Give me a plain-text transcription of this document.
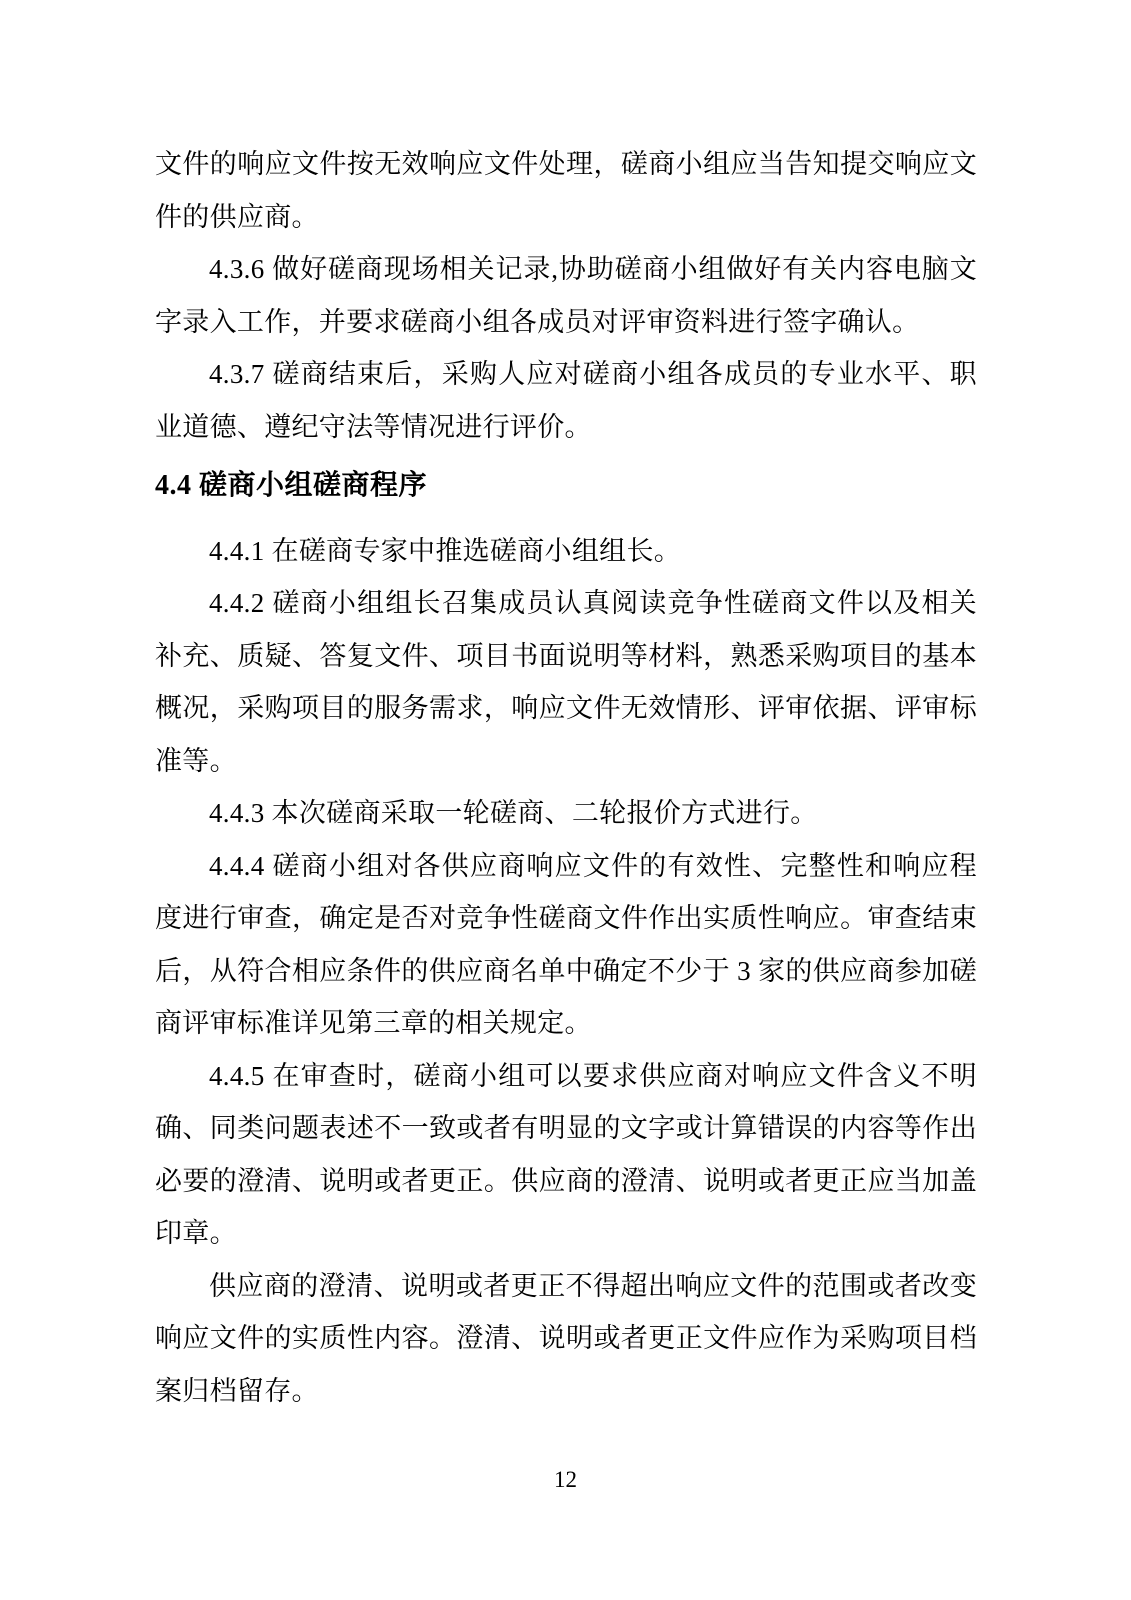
文件的响应文件按无效响应文件处理，磋商小组应当告知提交响应文件的供应商。

4.3.6 做好磋商现场相关记录,协助磋商小组做好有关内容电脑文字录入工作，并要求磋商小组各成员对评审资料进行签字确认。

4.3.7 磋商结束后，采购人应对磋商小组各成员的专业水平、职业道德、遵纪守法等情况进行评价。

4.4 磋商小组磋商程序

4.4.1 在磋商专家中推选磋商小组组长。

4.4.2 磋商小组组长召集成员认真阅读竞争性磋商文件以及相关补充、质疑、答复文件、项目书面说明等材料，熟悉采购项目的基本概况，采购项目的服务需求，响应文件无效情形、评审依据、评审标准等。

4.4.3 本次磋商采取一轮磋商、二轮报价方式进行。

4.4.4 磋商小组对各供应商响应文件的有效性、完整性和响应程度进行审查，确定是否对竞争性磋商文件作出实质性响应。审查结束后，从符合相应条件的供应商名单中确定不少于 3 家的供应商参加磋商评审标准详见第三章的相关规定。

4.4.5 在审查时，磋商小组可以要求供应商对响应文件含义不明确、同类问题表述不一致或者有明显的文字或计算错误的内容等作出必要的澄清、说明或者更正。供应商的澄清、说明或者更正应当加盖印章。

供应商的澄清、说明或者更正不得超出响应文件的范围或者改变响应文件的实质性内容。澄清、说明或者更正文件应作为采购项目档案归档留存。

12
